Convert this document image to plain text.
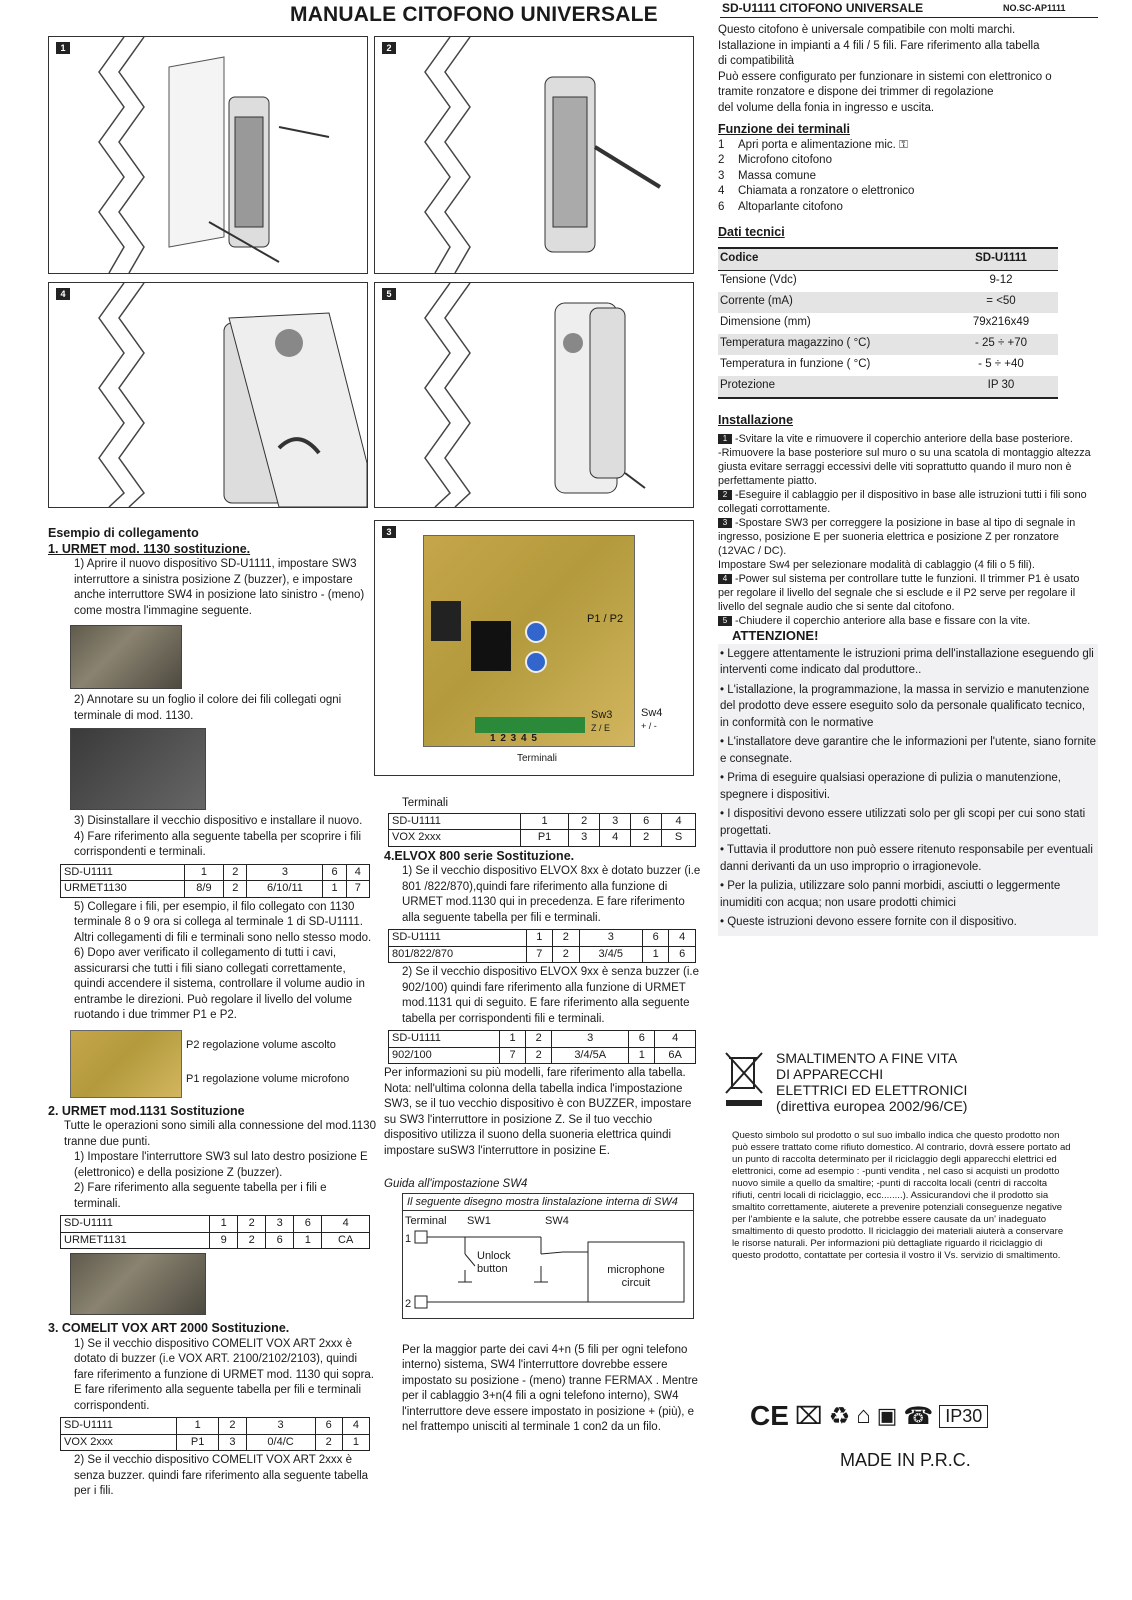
MANUALE CITOFONO UNIVERSALE	SD-U1111 CITOFONO UNIVERSALE	NO.SC-AP1111
1	2
4	5
3
P1 / P2
Sw3
Z / E
Sw4
+ / -
1 2 3 4 5
Terminali

Esempio di collegamento

1. URMET mod. 1130 sostituzione.

1) Aprire il nuovo dispositivo SD-U1111, impostare SW3 interruttore a sinistra posizione Z (buzzer), e impostare anche interruttore SW4 in posizione lato sinistro - (meno) come mostra l'immagine seguente.

2) Annotare su un foglio il colore dei fili collegati ogni terminale di mod. 1130.

3) Disinstallare il vecchio dispositivo e installare il nuovo.

4) Fare riferimento alla seguente tabella per scoprire i fili corrispondenti e terminali.

SD-U1111	1	2	3	6	4
URMET1130	8/9	2	6/10/11	1	7

5) Collegare i fili, per esempio, il filo collegato con 1130 terminale 8 o 9 ora si collega al terminale 1 di SD-U1111. Altri collegamenti di fili e terminali sono nello stesso modo.

6) Dopo aver verificato il collegamento di tutti i cavi, assicurarsi che tutti i fili siano collegati correttamente, quindi accendere il sistema, controllare il volume audio in entrambe le direzioni. Può regolare il livello del volume ruotando i due trimmer P1 e P2.

P2 regolazione volume ascolto
P1 regolazione volume microfono

2. URMET mod.1131 Sostituzione

Tutte le operazioni sono simili alla connessione del mod.1130 tranne due punti.

1) Impostare l'interruttore SW3 sul lato destro posizione E (elettronico) e della posizione Z (buzzer).

2) Fare riferimento alla seguente tabella per i fili e terminali.

SD-U1111	1	2	3	6	4
URMET1131	9	2	6	1	CA

3. COMELIT VOX ART 2000 Sostituzione.

1) Se il vecchio dispositivo COMELIT VOX ART 2xxx è dotato di buzzer (i.e VOX ART. 2100/2102/2103), quindi fare riferimento a funzione di URMET mod. 1130 qui sopra. E fare riferimento alla seguente tabella per fili e terminali corrispondenti.

SD-U1111	1	2	3	6	4
VOX 2xxx	P1	3	0/4/C	2	1

2) Se il vecchio dispositivo COMELIT VOX ART 2xxx è senza buzzer. quindi fare riferimento alla seguente tabella per i fili.

Terminali

SD-U1111	1	2	3	6	4
VOX 2xxx	P1	3	4	2	S

4.ELVOX 800 serie Sostituzione.

1) Se il vecchio dispositivo ELVOX 8xx è dotato buzzer (i.e 801 /822/870),quindi fare riferimento alla funzione di URMET mod.1130 qui in precedenza. E fare riferimento alla seguente tabella per fili e terminali.

SD-U1111	1	2	3	6	4
801/822/870	7	2	3/4/5	1	6

2) Se il vecchio dispositivo ELVOX 9xx è senza buzzer (i.e 902/100) quindi fare riferimento alla funzione di URMET mod.1131 qui di seguito. E fare riferimento alla seguente tabella per corrispondenti fili e terminali.

SD-U1111	1	2	3	6	4
902/100	7	2	3/4/5A	1	6A

Per informazioni su più modelli, fare riferimento alla tabella.

Nota: nell'ultima colonna della tabella indica l'impostazione SW3, se il tuo vecchio dispositivo è con BUZZER, impostare su SW3 l'interruttore in posizione Z. Se il tuo vecchio dispositivo utilizza il suono della suoneria elettrica quindi impostare suSW3 l'interruttore in posizine E.

Guida all'impostazione SW4

Il seguente disegno mostra linstalazione interna di SW4
Terminal SW1	SW4
1
2
Unlock button	microphone circuit

Per la maggior parte dei cavi 4+n (5 fili per ogni telefono interno) sistema, SW4 l'interruttore dovrebbe essere impostato su posizione - (meno) tranne FERMAX . Mentre per il cablaggio 3+n(4 fili a ogni telefono interno), SW4 l'interruttore deve essere impostato in posizione + (più), e nel frattempo unisciti al terminale 1 con2 da un filo.

Questo citofono è universale compatibile con molti marchi.

Istallazione in impianti a 4 fili / 5 fili. Fare riferimento alla tabella

di compatibilità

Può essere configurato per funzionare in sistemi con elettronico o

tramite ronzatore e dispone dei trimmer di regolazione

del volume della fonia in ingresso e uscita.

Funzione dei terminali

1 Apri porta e alimentazione mic. ⚿

2 Microfono citofono

3 Massa comune

4 Chiamata a ronzatore o elettronico

6 Altoparlante citofono

Dati tecnici

Codice	SD-U1111
Tensione (Vdc)	9-12
Corrente (mA)	= <50
Dimensione (mm)	79x216x49
Temperatura magazzino ( °C)	- 25 ÷ +70
Temperatura in funzione ( °C)	- 5 ÷ +40
Protezione	IP 30

Installazione

1 -Svitare la vite e rimuovere il coperchio anteriore della base posteriore.

-Rimuovere la base posteriore sul muro o su una scatola di montaggio altezza giusta evitare serraggi eccessivi delle viti soprattutto quando il muro non è perfettamente piatto.

2 -Eseguire il cablaggio per il dispositivo in base alle istruzioni tutti i fili sono collegati corrottamente.

3 -Spostare SW3 per correggere la posizione in base al tipo di segnale in ingresso, posizione E per suoneria elettrica e posizione Z per ronzatore (12VAC / DC).

Impostare Sw4 per selezionare modalità di cablaggio (4 fili o 5 fili).

4 -Power sul sistema per controllare tutte le funzioni. Il trimmer P1 è usato per regolare il livello del segnale che si esclude e il P2 serve per regolare il livello del segnale audio che si sente dal citofono.

5 -Chiudere il coperchio anteriore alla base e fissare con la vite.

ATTENZIONE!

• Leggere attentamente le istruzioni prima dell'installazione eseguendo gli interventi come indicato dal produttore..

• L'istallazione, la programmazione, la massa in servizio e manutenzione del prodotto deve essere eseguito solo da personale qualificato tecnico, in conformità con le normative

• L'installatore deve garantire che le informazioni per l'utente, siano fornite e consegnate.

• Prima di eseguire qualsiasi operazione di pulizia o manutenzione, spegnere i dispositivi.

• I dispositivi devono essere utilizzati solo per gli scopi per cui sono stati progettati.

• Tuttavia il produttore non può essere ritenuto responsabile per eventuali danni derivanti da un uso improprio o irragionevole.

• Per la pulizia, utilizzare solo panni morbidi, asciutti o leggermente inumiditi con acqua; non usare prodotti chimici

• Queste istruzioni devono essere fornite con il dispositivo.

SMALTIMENTO A FINE VITA
DI APPARECCHI
ELETTRICI ED ELETTRONICI
(direttiva europea 2002/96/CE)
Questo simbolo sul prodotto o sul suo imballo indica che questo prodotto non può essere trattato come rifiuto domestico. Al contrario, dovrà essere portato ad un punto di raccolta determinato per il riciclaggio degli apparecchi elettrici ed elettronici, come ad esempio : -punti vendita , nel caso si acquisti un prodotto nuovo simile a quello da smaltire; -punti di raccolta locali (centri di raccolta rifiuti, centri locali di riciclaggio, ecc........). Assicurandovi che il prodotto sia smaltito correttamente, aiuterete a prevenire potenziali conseguenze negative per l'ambiente e la salute, che potrebbe essere causate da un' inadeguato smaltimento di questo prodotto. Il riciclaggio dei materiali aiuterà a conservare le risorse naturali. Per informazioni più dettagliate riguardo il riciclaggio di questo prodotto, contattate per cortesia il vostro il Vs. servizio di smaltimento.
CE ⌧ ♻ ⌂ ▣ ☎ IP30
MADE IN P.R.C.
